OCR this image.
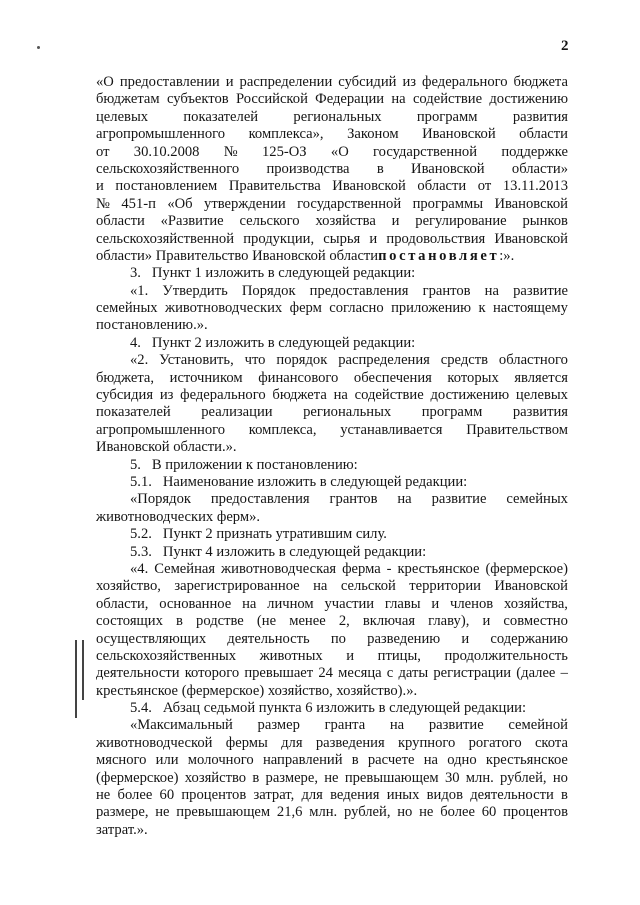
2
«О предоставлении и распределении субсидий из федерального бюджета
бюджетам субъектов Российской Федерации на содействие достижению
целевых показателей региональных программ развития
агропромышленного комплекса», Законом Ивановской области
от 30.10.2008 № 125-ОЗ «О государственной поддержке
сельскохозяйственного производства в Ивановской области»
и постановлением Правительства Ивановской области от 13.11.2013
№ 451-п «Об утверждении государственной программы Ивановской
области «Развитие сельского хозяйства и регулирование рынков
сельскохозяйственной продукции, сырья и продовольствия Ивановской
области» Правительство Ивановской области постановляет :».
3.   Пункт 1 изложить в следующей редакции:
«1. Утвердить Порядок предоставления грантов на развитие
семейных животноводческих ферм согласно приложению к настоящему
постановлению.».
4.   Пункт 2 изложить в следующей редакции:
«2. Установить, что порядок распределения средств областного
бюджета, источником финансового обеспечения которых является
субсидия из федерального бюджета на содействие достижению целевых
показателей реализации региональных программ развития
агропромышленного комплекса, устанавливается Правительством
Ивановской области.».
5.   В приложении к постановлению:
5.1.   Наименование изложить в следующей редакции:
«Порядок предоставления грантов на развитие семейных
животноводческих ферм».
5.2.   Пункт 2 признать утратившим силу.
5.3.   Пункт 4 изложить в следующей редакции:
«4. Семейная животноводческая ферма - крестьянское (фермерское)
хозяйство, зарегистрированное на сельской территории Ивановской
области, основанное на личном участии главы и членов хозяйства,
состоящих в родстве (не менее 2, включая главу), и совместно
осуществляющих деятельность по разведению и содержанию
сельскохозяйственных животных и птицы, продолжительность
деятельности которого превышает 24 месяца с даты регистрации (далее –
крестьянское (фермерское) хозяйство, хозяйство).».
5.4.   Абзац седьмой пункта 6 изложить в следующей редакции:
«Максимальный размер гранта на развитие семейной
животноводческой фермы для разведения крупного рогатого скота
мясного или молочного направлений в расчете на одно крестьянское
(фермерское) хозяйство в размере, не превышающем 30 млн. рублей, но
не более 60 процентов затрат, для ведения иных видов деятельности в
размере, не превышающем 21,6 млн. рублей, но не более 60 процентов
затрат.».
